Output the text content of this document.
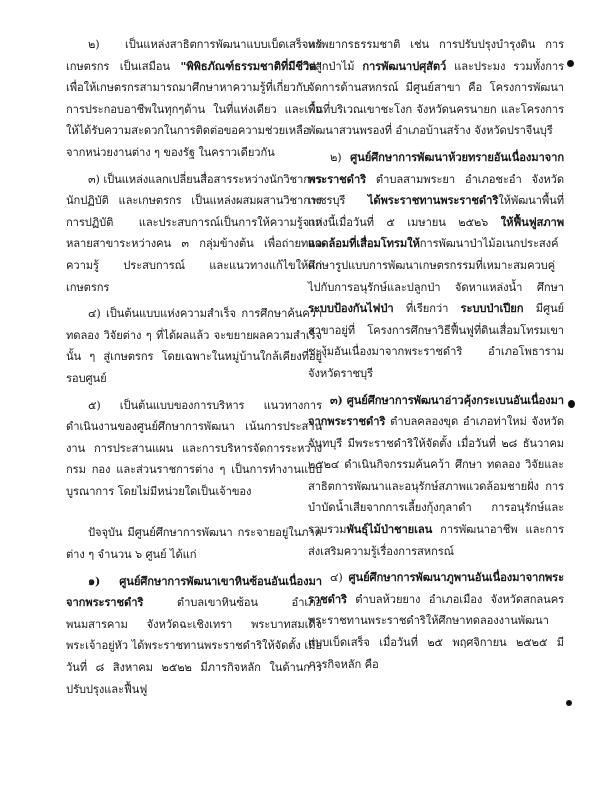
๒) เป็นแหล่งสาธิตการพัฒนาแบบเบ็ดเสร็จแก่เกษตรกร เป็นเสมือน "พิพิธภัณฑ์ธรรมชาติที่มีชีวิต" เพื่อให้เกษตรกรสามารถมาศึกษาหาความรู้ที่เกี่ยวกับการประกอบอาชีพในทุกๆด้าน ในที่แห่งเดียว และเพื่อให้ได้รับความสะดวกในการติดต่อขอความช่วยเหลือจากหน่วยงานต่าง ๆ ของรัฐ ในคราวเดียวกัน

๓) เป็นแหล่งแลกเปลี่ยนสื่อสารระหว่างนักวิชาการ นักปฏิบัติ และเกษตรกร เป็นแหล่งผสมผสานวิชาการ การปฏิบัติ และประสบการณ์เป็นการให้ความรู้จากหลายสาขาระหว่างคน ๓ กลุ่มข้างต้น เพื่อถ่ายทอดความรู้ ประสบการณ์ และแนวทางแก้ไขให้แก่เกษตรกร

๔) เป็นต้นแบบแห่งความสำเร็จ การศึกษาค้นคว้า ทดลอง วิจัยต่าง ๆ ที่ได้ผลแล้ว จะขยายผลความสำเร็จนั้น ๆ สู่เกษตรกร โดยเฉพาะในหมู่บ้านใกล้เคียงที่อยู่รอบศูนย์

๕) เป็นต้นแบบของการบริหาร แนวทางการดำเนินงานของศูนย์ศึกษาการพัฒนา เน้นการประสานงาน การประสานแผน และการบริหารจัดการระหว่างกรม กอง และส่วนราชการต่าง ๆ เป็นการทำงานแบบบูรณาการ โดยไม่มีหน่วยใดเป็นเจ้าของ

ปัจจุบัน มีศูนย์ศึกษาการพัฒนา กระจายอยู่ในภาคต่าง ๆ จำนวน ๖ ศูนย์ ได้แก่

๑) ศูนย์ศึกษาการพัฒนาเขาหินซ้อนอันเนื่องมาจากพระราชดำริ ตำบลเขาหินซ้อน อำเภอพนมสารคาม จังหวัดฉะเชิงเทรา พระบาทสมเด็จพระเจ้าอยู่หัว ได้พระราชทานพระราชดำริให้จัดตั้ง เมื่อวันที่ ๘ สิงหาคม ๒๕๒๒ มีภารกิจหลัก ในด้านการปรับปรุงและฟื้นฟู

ทรัพยากรธรรมชาติ เช่น การปรับปรุงบำรุงดิน การปลูกป่าไม้ การพัฒนาปศุสัตว์ และประมง รวมทั้งการจัดการด้านสหกรณ์ มีศูนย์สาขา คือ โครงการพัฒนาพื้นที่บริเวณเขาชะโงก จังหวัดนครนายก และโครงการพัฒนาสวนพรองที่ อำเภอบ้านสร้าง จังหวัดปราจีนบุรี

๒) ศูนย์ศึกษาการพัฒนาห้วยทรายอันเนื่องมาจากพระราชดำริ ตำบลสามพระยา อำเภอชะอำ จังหวัดเพชรบุรี ได้พระราชทานพระราชดำริให้พัฒนาพื้นที่แห่งนี้เมื่อวันที่ ๕ เมษายน ๒๕๒๖ ให้ฟื้นฟูสภาพแวดล้อมที่เสื่อมโทรมให้การพัฒนาป่าไม้อเนกประสงค์ ศึกษารูปแบบการพัฒนาเกษตรกรรมที่เหมาะสมควบคู่ไปกับการอนุรักษ์และปลูกป่า จัดหาแหล่งน้ำ ศึกษาระบบป้องกันไฟป่า ที่เรียกว่า ระบบป่าเปียก มีศูนย์สาขาอยู่ที่ โครงการศึกษาวิธีฟื้นฟูที่ดินเสื่อมโทรมเขาชะงุ้มอันเนื่องมาจากพระราชดำริ อำเภอโพธาราม จังหวัดราชบุรี

๓) ศูนย์ศึกษาการพัฒนาอ่าวคุ้งกระเบนอันเนื่องมาจากพระราชดำริ ตำบลคลองขุด อำเภอท่าใหม่ จังหวัดจันทบุรี มีพระราชดำริให้จัดตั้ง เมื่อวันที่ ๒๘ ธันวาคม ๒๕๒๔ ดำเนินกิจกรรมค้นคว้า ศึกษา ทดลอง วิจัยและสาธิตการพัฒนาและอนุรักษ์สภาพแวดล้อมชายฝั่ง การบำบัดน้ำเสียจากการเลี้ยงกุ้งกุลาดำ การอนุรักษ์และรวบรวมพันธุ์ไม้ป่าชายเลน การพัฒนาอาชีพ และการส่งเสริมความรู้เรื่องการสหกรณ์

๔) ศูนย์ศึกษาการพัฒนาภูพานอันเนื่องมาจากพระราชดำริ ตำบลห้วยยาง อำเภอเมือง จังหวัดสกลนคร พระราชทานพระราชดำริให้ศึกษาทดลองงานพัฒนาแบบเบ็ดเสร็จ เมื่อวันที่ ๒๕ พฤศจิกายน ๒๕๒๕ มีภารกิจหลัก คือ
